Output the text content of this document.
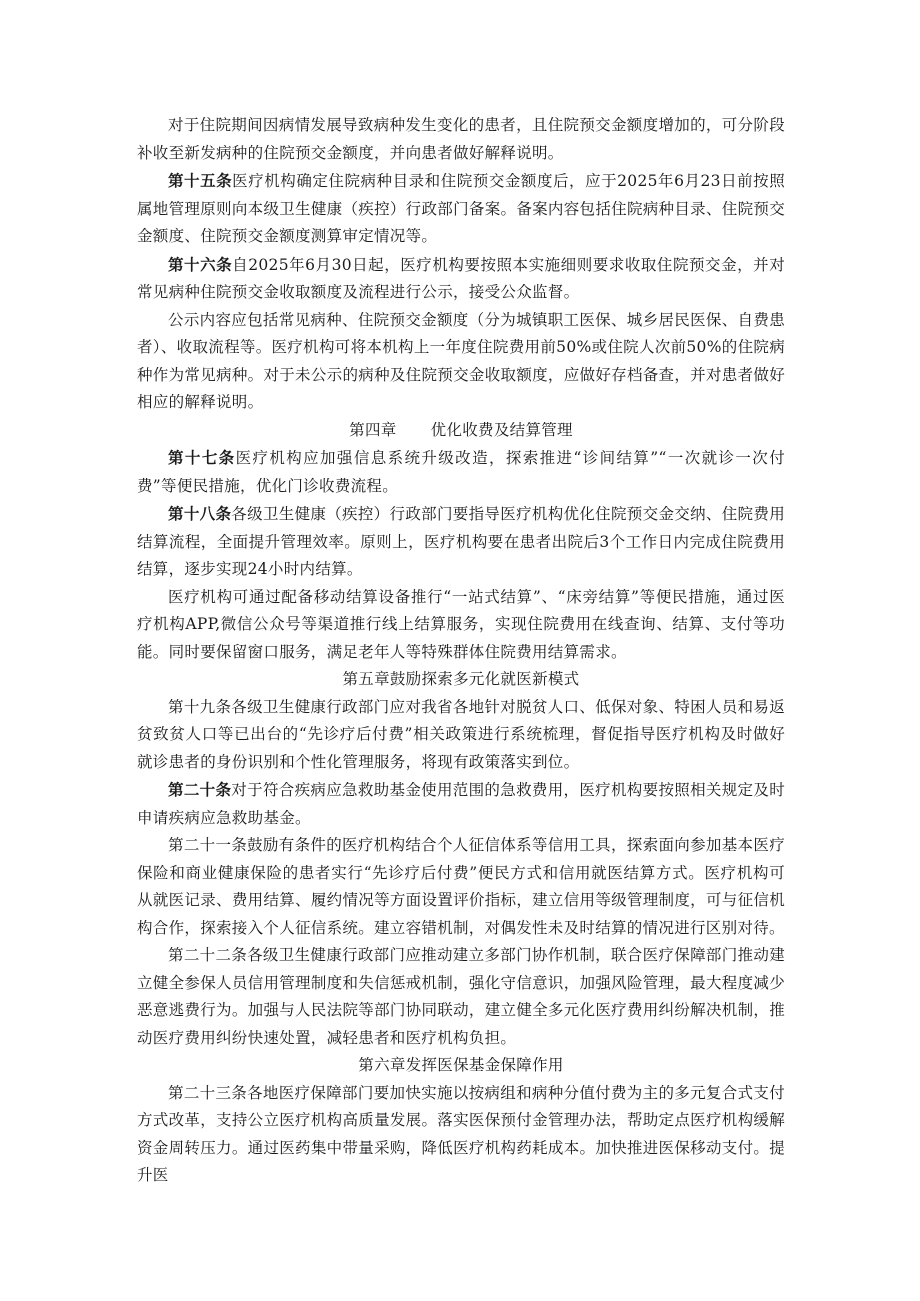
对于住院期间因病情发展导致病种发生变化的患者，且住院预交金额度增加的，可分阶段补收至新发病种的住院预交金额度，并向患者做好解释说明。

第十五条医疗机构确定住院病种目录和住院预交金额度后，应于2025年6月23日前按照属地管理原则向本级卫生健康（疾控）行政部门备案。备案内容包括住院病种目录、住院预交金额度、住院预交金额度测算审定情况等。

第十六条自2025年6月30日起，医疗机构要按照本实施细则要求收取住院预交金，并对常见病种住院预交金收取额度及流程进行公示，接受公众监督。

公示内容应包括常见病种、住院预交金额度（分为城镇职工医保、城乡居民医保、自费患者）、收取流程等。医疗机构可将本机构上一年度住院费用前50%或住院人次前50%的住院病种作为常见病种。对于未公示的病种及住院预交金收取额度，应做好存档备查，并对患者做好相应的解释说明。

第四章 优化收费及结算管理

第十七条医疗机构应加强信息系统升级改造，探索推进“诊间结算”“一次就诊一次付费”等便民措施，优化门诊收费流程。

第十八条各级卫生健康（疾控）行政部门要指导医疗机构优化住院预交金交纳、住院费用结算流程，全面提升管理效率。原则上，医疗机构要在患者出院后3个工作日内完成住院费用结算，逐步实现24小时内结算。

医疗机构可通过配备移动结算设备推行“一站式结算”、“床旁结算”等便民措施，通过医疗机构APP,微信公众号等渠道推行线上结算服务，实现住院费用在线查询、结算、支付等功能。同时要保留窗口服务，满足老年人等特殊群体住院费用结算需求。

第五章鼓励探索多元化就医新模式

第十九条各级卫生健康行政部门应对我省各地针对脱贫人口、低保对象、特困人员和易返贫致贫人口等已出台的“先诊疗后付费”相关政策进行系统梳理，督促指导医疗机构及时做好就诊患者的身份识别和个性化管理服务，将现有政策落实到位。

第二十条对于符合疾病应急救助基金使用范围的急救费用，医疗机构要按照相关规定及时申请疾病应急救助基金。

第二十一条鼓励有条件的医疗机构结合个人征信体系等信用工具，探索面向参加基本医疗保险和商业健康保险的患者实行“先诊疗后付费”便民方式和信用就医结算方式。医疗机构可从就医记录、费用结算、履约情况等方面设置评价指标，建立信用等级管理制度，可与征信机构合作，探索接入个人征信系统。建立容错机制，对偶发性未及时结算的情况进行区别对待。

第二十二条各级卫生健康行政部门应推动建立多部门协作机制，联合医疗保障部门推动建立健全参保人员信用管理制度和失信惩戒机制，强化守信意识，加强风险管理，最大程度减少恶意逃费行为。加强与人民法院等部门协同联动，建立健全多元化医疗费用纠纷解决机制，推动医疗费用纠纷快速处置，减轻患者和医疗机构负担。

第六章发挥医保基金保障作用

第二十三条各地医疗保障部门要加快实施以按病组和病种分值付费为主的多元复合式支付方式改革，支持公立医疗机构高质量发展。落实医保预付金管理办法，帮助定点医疗机构缓解资金周转压力。通过医药集中带量采购，降低医疗机构药耗成本。加快推进医保移动支付。提升医
